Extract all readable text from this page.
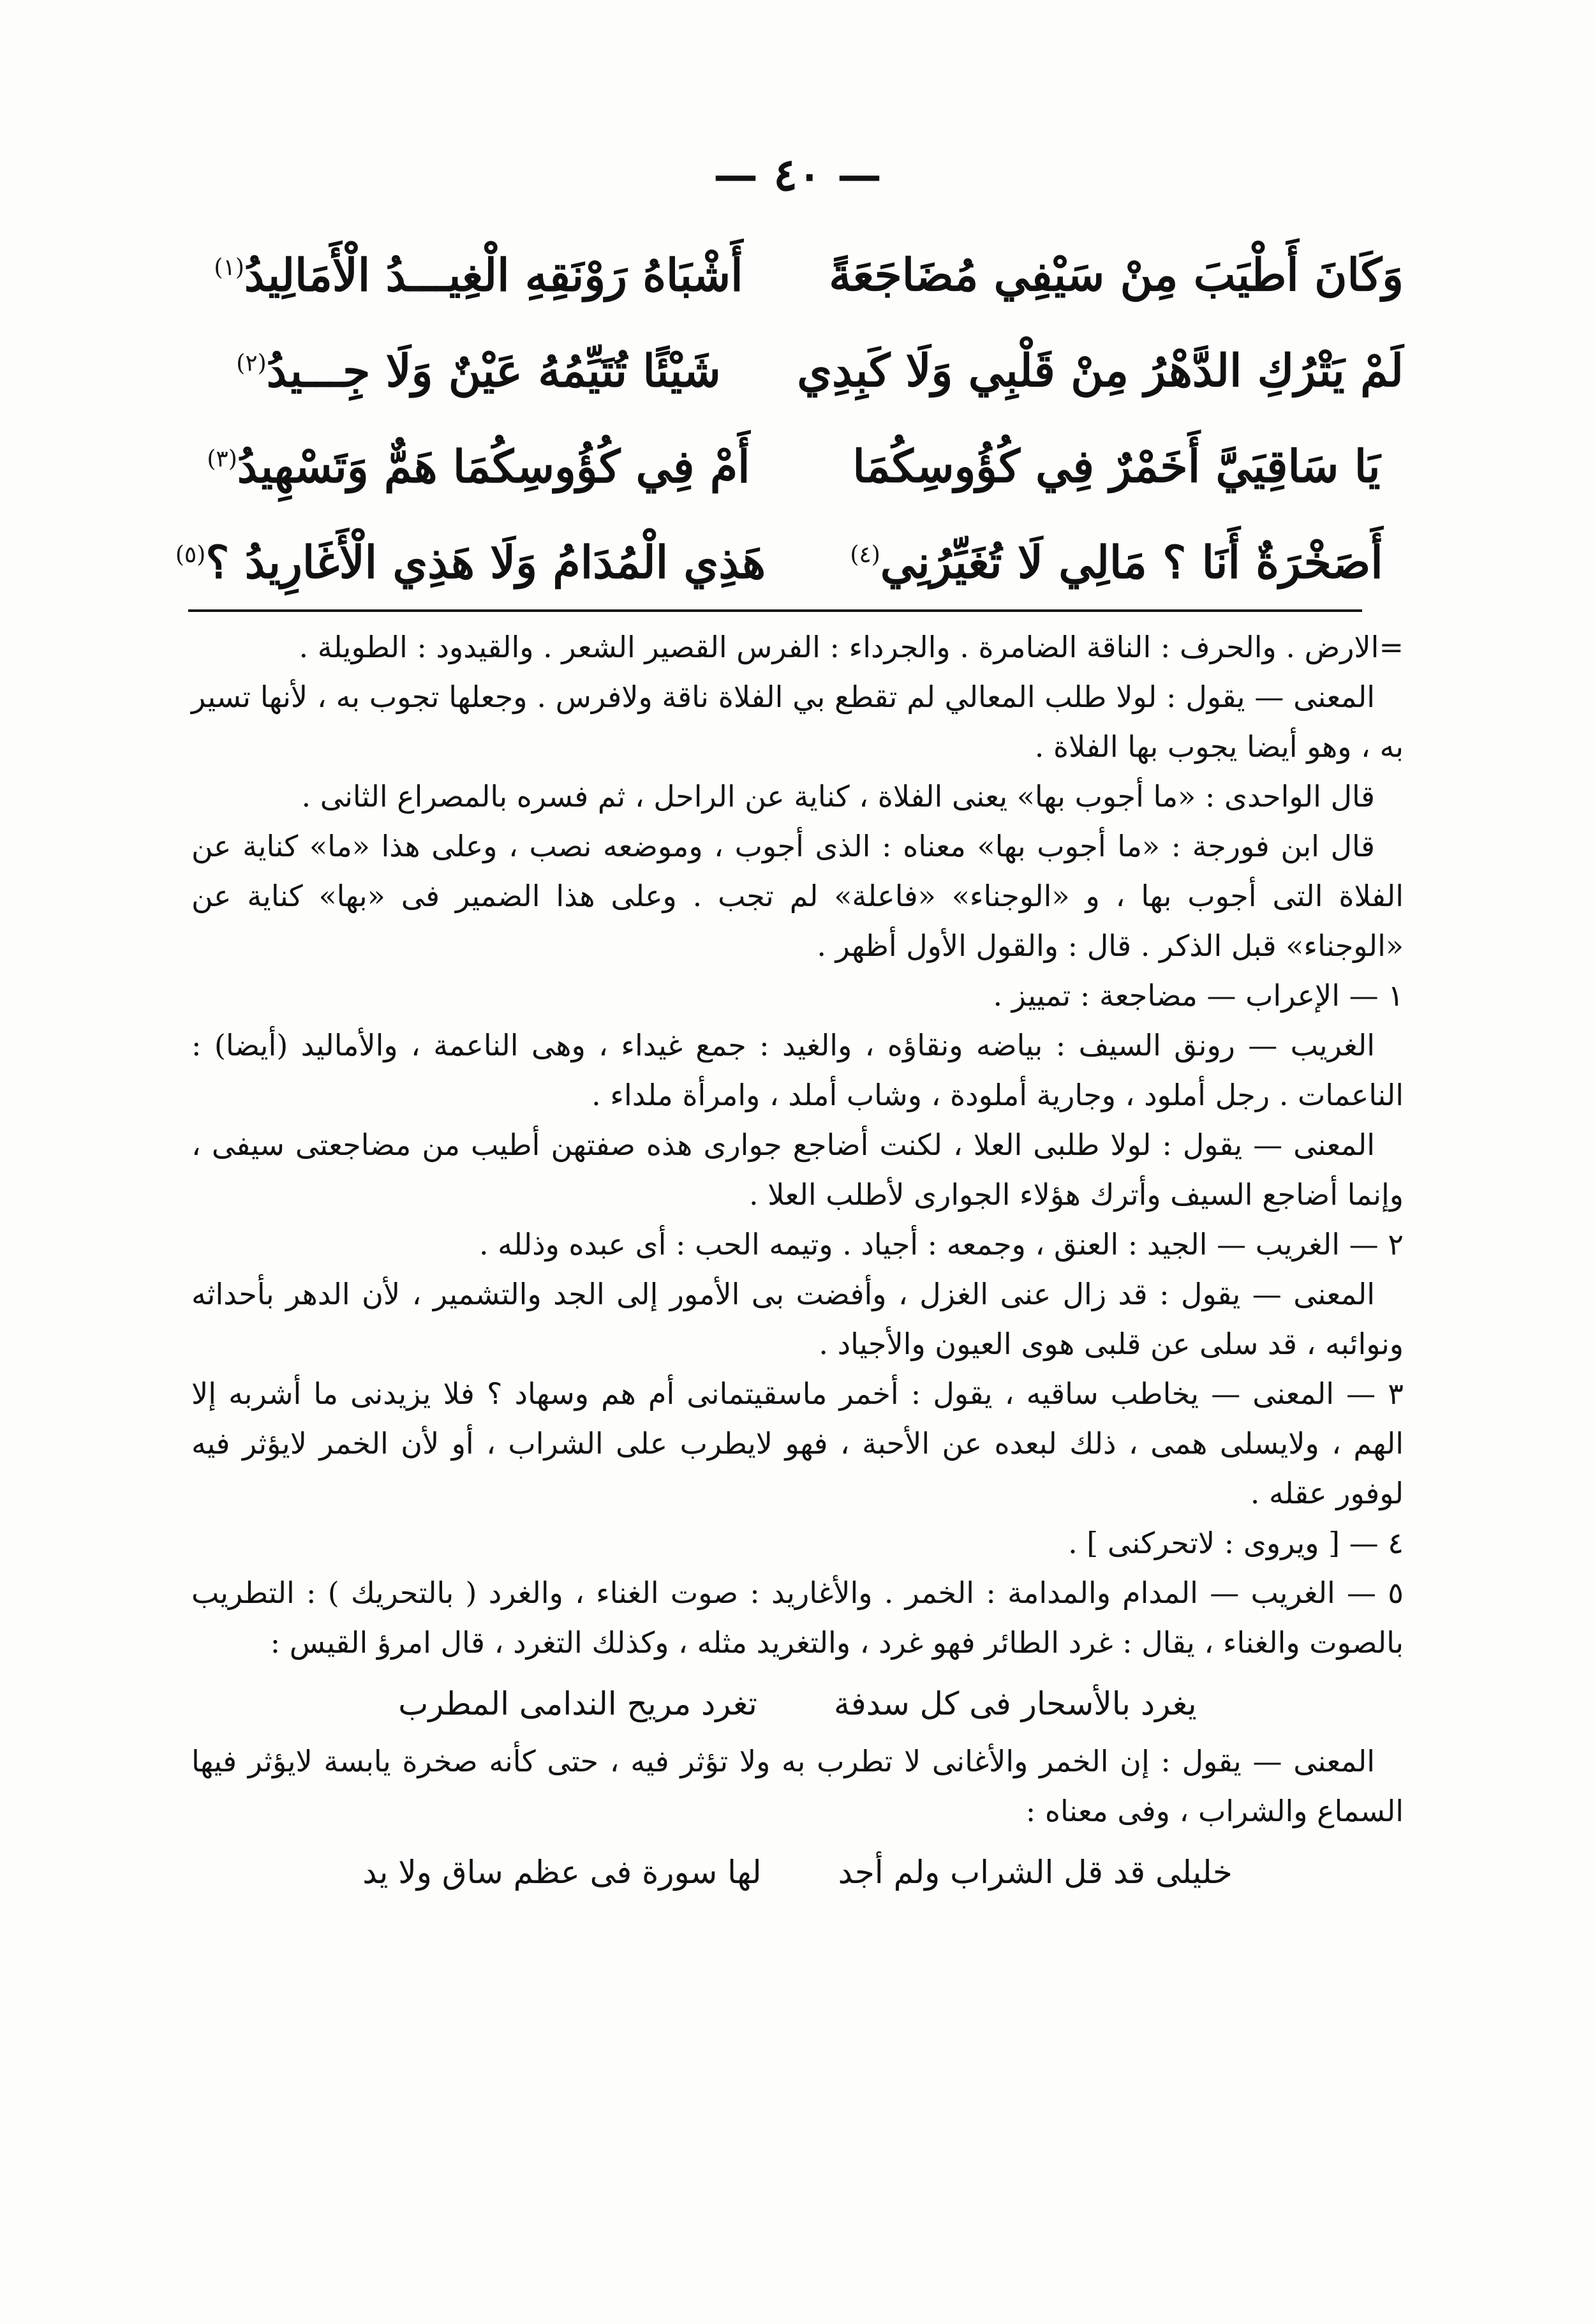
— ٤٠ —
وَكَانَ أَطْيَبَ مِنْ سَيْفِي مُضَاجَعَةً
أَشْبَاهُ رَوْنَقِهِ الْغِيـــدُ الْأَمَالِيدُ$^{(١)}$
لَمْ يَتْرُكِ الدَّهْرُ مِنْ قَلْبِي وَلَا كَبِدِي
شَيْئًا تُتَيِّمُهُ عَيْنٌ وَلَا جِـــيدُ$^{(٢)}$
يَا سَاقِيَيَّ أَخَمْرٌ فِي كُؤُوسِكُمَا
أَمْ فِي كُؤُوسِكُمَا هَمٌّ وَتَسْهِيدُ$^{(٣)}$
أَصَخْرَةٌ أَنَا ؟ مَالِي لَا تُغَيِّرُنِي$^{(٤)}$
هَذِي الْمُدَامُ وَلَا هَذِي الْأَغَارِيدُ ؟$^{(٥)}$

=الارض . والحرف : الناقة الضامرة . والجرداء : الفرس القصير الشعر . والقيدود : الطويلة .

المعنى — يقول : لولا طلب المعالي لم تقطع بي الفلاة ناقة ولافرس . وجعلها تجوب به ، لأنها تسير به ، وهو أيضا يجوب بها الفلاة .

قال الواحدى : «ما أجوب بها» يعنى الفلاة ، كناية عن الراحل ، ثم فسره بالمصراع الثانى .

قال ابن فورجة : «ما أجوب بها» معناه : الذى أجوب ، وموضعه نصب ، وعلى هذا «ما» كناية عن الفلاة التى أجوب بها ، و «الوجناء» «فاعلة» لم تجب . وعلى هذا الضمير فى «بها» كناية عن «الوجناء» قبل الذكر . قال : والقول الأول أظهر .

١ — الإعراب — مضاجعة : تمييز .

الغريب — رونق السيف : بياضه ونقاؤه ، والغيد : جمع غيداء ، وهى الناعمة ، والأماليد (أيضا) : الناعمات . رجل أملود ، وجارية أملودة ، وشاب أملد ، وامرأة ملداء .

المعنى — يقول : لولا طلبى العلا ، لكنت أضاجع جوارى هذه صفتهن أطيب من مضاجعتى سيفى ، وإنما أضاجع السيف وأترك هؤلاء الجوارى لأطلب العلا .

٢ — الغريب — الجيد : العنق ، وجمعه : أجياد . وتيمه الحب : أى عبده وذلله .

المعنى — يقول : قد زال عنى الغزل ، وأفضت بى الأمور إلى الجد والتشمير ، لأن الدهر بأحداثه ونوائبه ، قد سلى عن قلبى هوى العيون والأجياد .

٣ — المعنى — يخاطب ساقيه ، يقول : أخمر ماسقيتمانى أم هم وسهاد ؟ فلا يزيدنى ما أشربه إلا الهم ، ولايسلى همى ، ذلك لبعده عن الأحبة ، فهو لايطرب على الشراب ، أو لأن الخمر لايؤثر فيه لوفور عقله .

٤ — [ ويروى : لاتحركنى ] .

٥ — الغريب — المدام والمدامة : الخمر . والأغاريد : صوت الغناء ، والغرد ( بالتحريك ) : التطريب بالصوت والغناء ، يقال : غرد الطائر فهو غرد ، والتغريد مثله ، وكذلك التغرد ، قال امرؤ القيس :

يغرد بالأسحار فى كل سدفة
تغرد مريح الندامى المطرب

المعنى — يقول : إن الخمر والأغانى لا تطرب به ولا تؤثر فيه ، حتى كأنه صخرة يابسة لايؤثر فيها السماع والشراب ، وفى معناه :

خليلى قد قل الشراب ولم أجد
لها سورة فى عظم ساق ولا يد
